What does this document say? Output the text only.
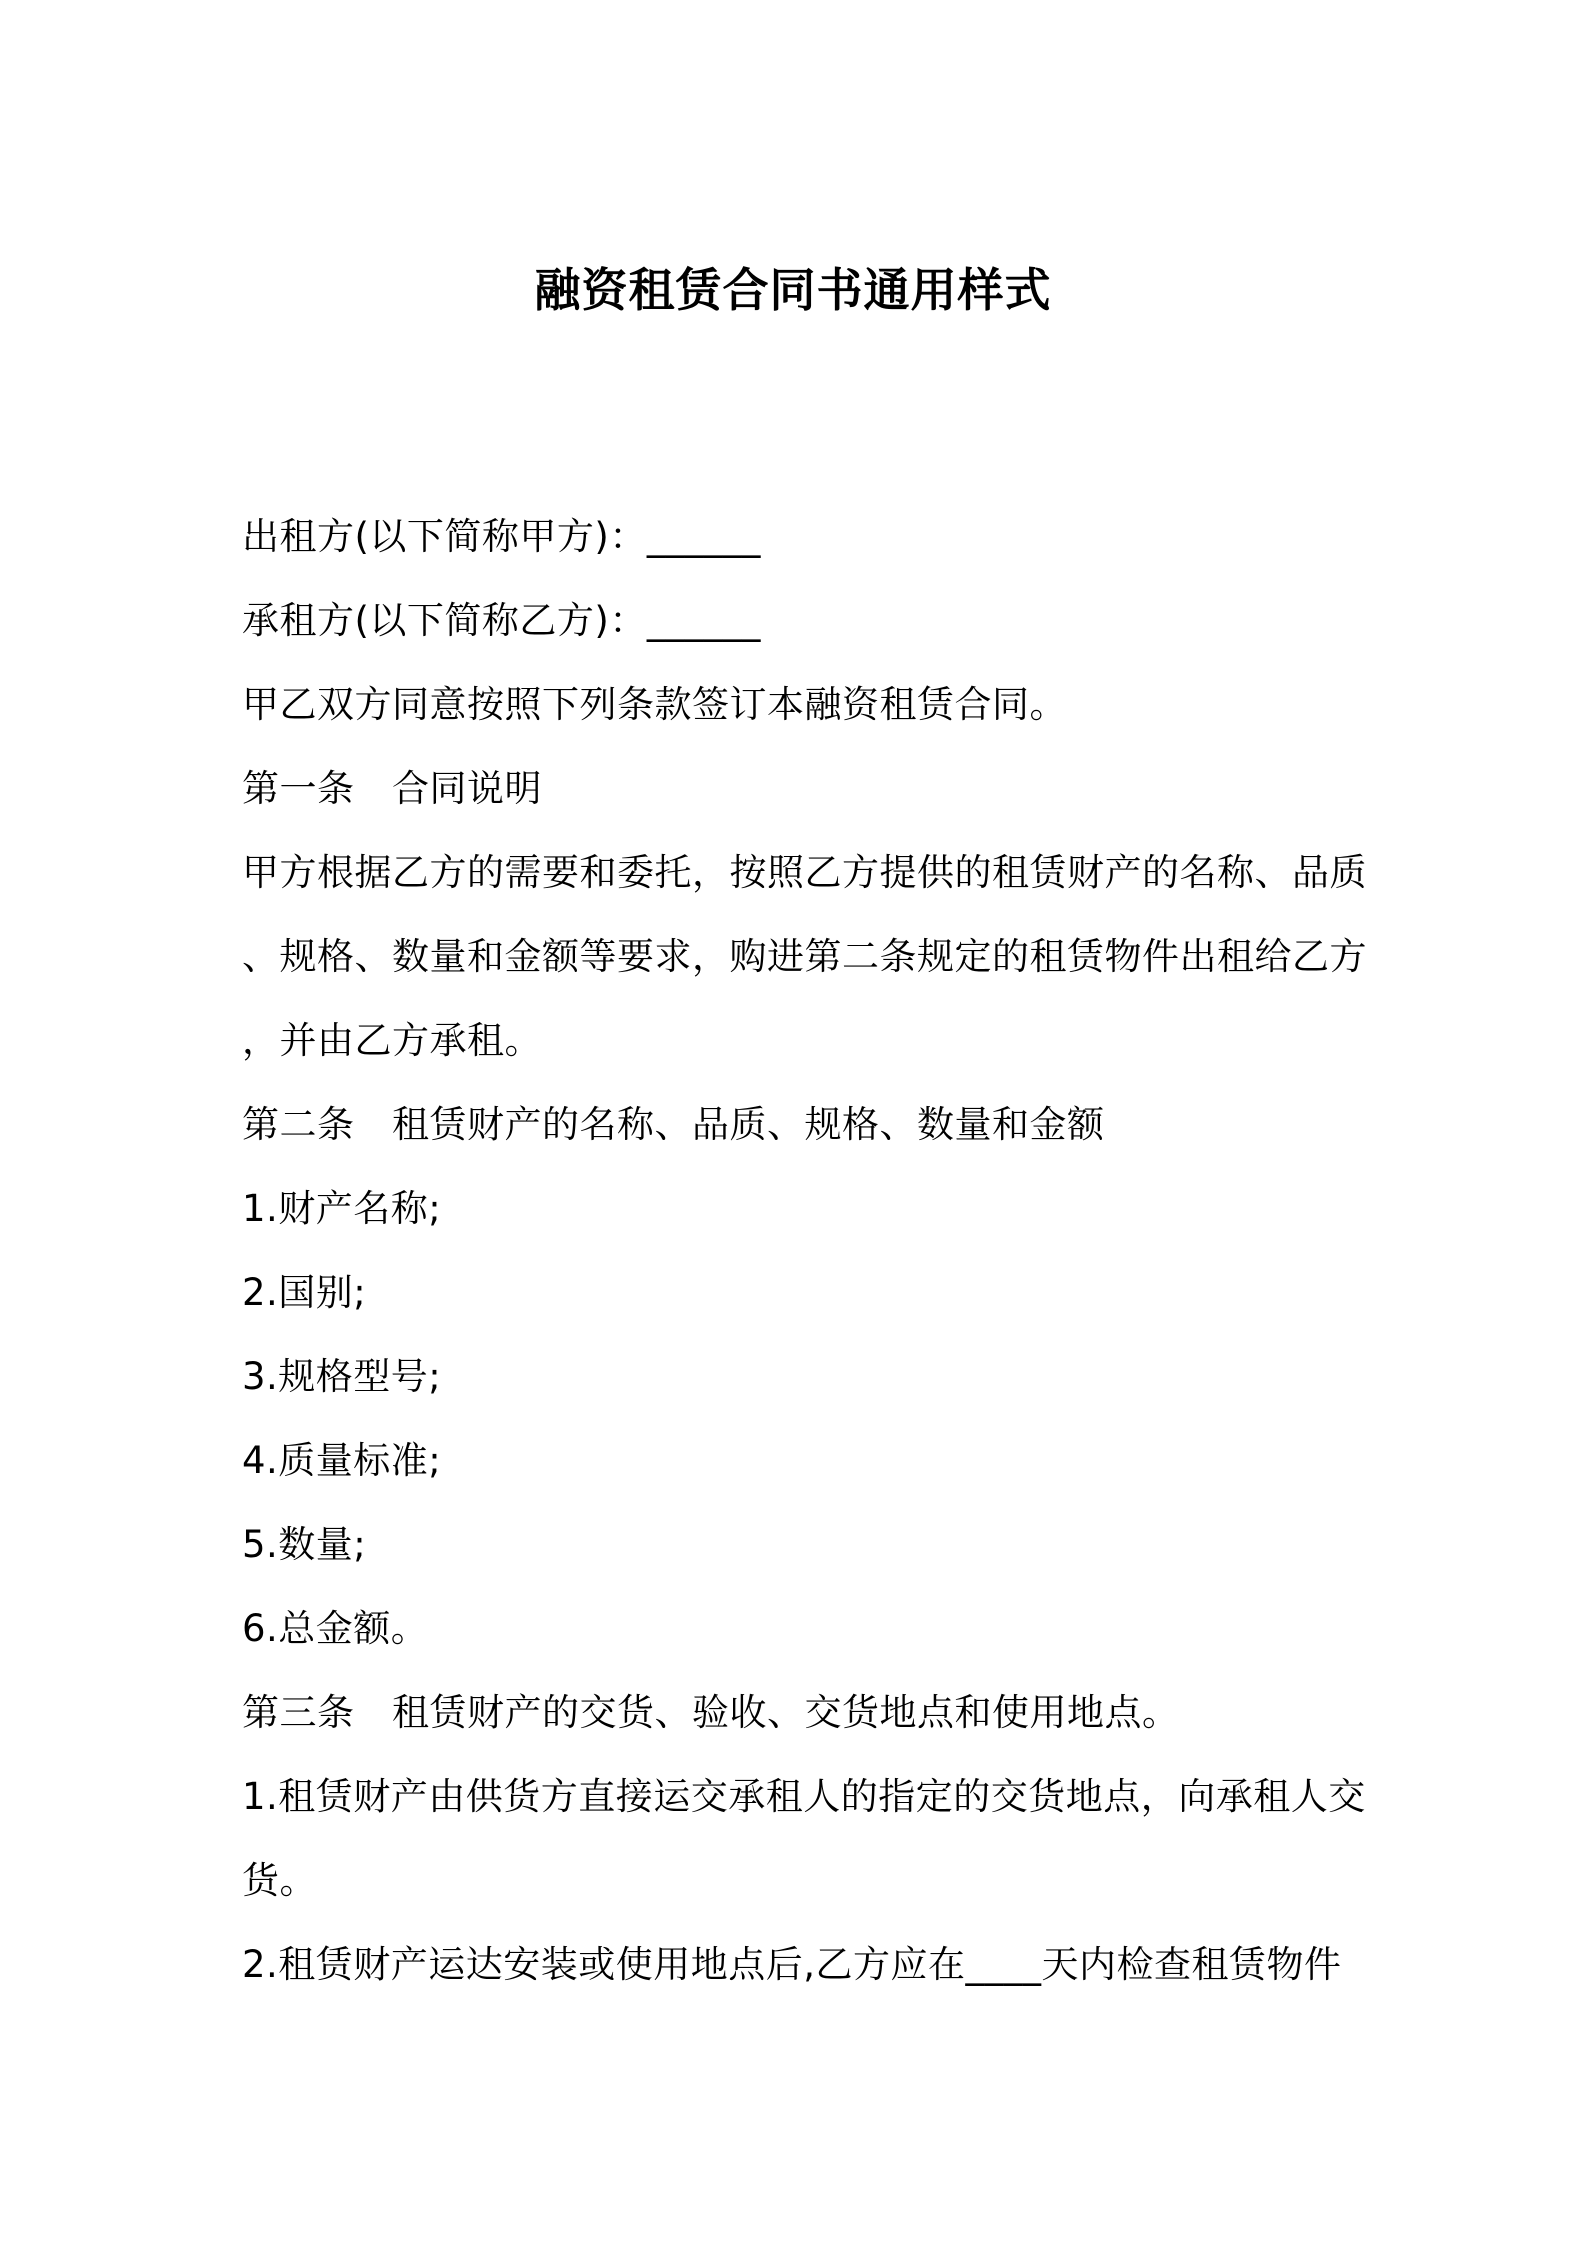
融资租赁合同书通用样式
出租方(以下简称甲方)：______
承租方(以下简称乙方)：______
甲乙双方同意按照下列条款签订本融资租赁合同。
第一条　合同说明
甲方根据乙方的需要和委托，按照乙方提供的租赁财产的名称、品质
、规格、数量和金额等要求，购进第二条规定的租赁物件出租给乙方
，并由乙方承租。
第二条　租赁财产的名称、品质、规格、数量和金额
1.财产名称;
2.国别;
3.规格型号;
4.质量标准;
5.数量;
6.总金额。
第三条　租赁财产的交货、验收、交货地点和使用地点。
1.租赁财产由供货方直接运交承租人的指定的交货地点，向承租人交
货。
2.租赁财产运达安装或使用地点后,乙方应在____天内检查租赁物件
